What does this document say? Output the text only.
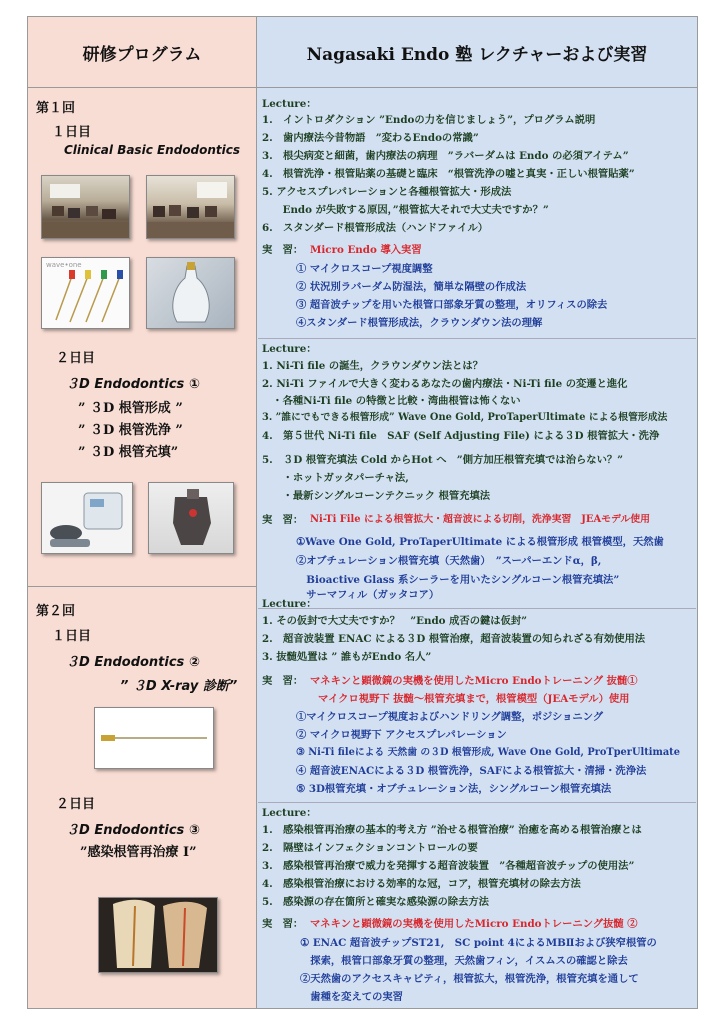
研修プログラム	Nagasaki Endo 塾 レクチャーおよび実習
第１回
１日目
Clinical Basic Endodontics
wave•one
２日目
３D Endodontics ①
” ３D 根管形成 ”
” ３D 根管洗浄 ”
” ３D 根管充填”
第２回
１日目
３D Endodontics ②
” ３D X-ray 診断”
２日目
３D Endodontics ③
”感染根管再治療 Ⅰ”
Lecture：
1.　イントロダクション ”Endoの力を信じましょう”，プログラム説明
2.　歯内療法今昔物語　”変わるEndoの常識”
3.　根尖病変と細菌，歯内療法の病理　”ラバーダムは Endo の必須アイテム”
4.　根管洗浄・根管貼薬の基礎と臨床　“根管洗浄の嘘と真実・正しい根管貼薬”
5. アクセスプレパレーションと各種根管拡大・形成法
　　Endo が失敗する原因，”根管拡大それで大丈夫ですか？”
6.　スタンダード根管形成法（ハンドファイル）
実　習： Micro Endo 導入実習
① マイクロスコープ視度調整
② 状況別ラバーダム防湿法，簡単な隔壁の作成法
③ 超音波チップを用いた根管口部象牙質の整理，オリフィスの除去
④スタンダード根管形成法，クラウンダウン法の理解
Lecture：
1. Ni-Ti file の誕生，クラウンダウン法とは？
2. Ni-Ti ファイルで大きく変わるあなたの歯内療法・Ni-Ti file の変遷と進化
　・各種Ni-Ti file の特徴と比較・湾曲根管は怖くない
3. ”誰にでもできる根管形成” Wave One Gold, ProTaperUltimate による根管形成法
4.　第５世代 Ni-Ti file　SAF (Self Adjusting File) による３D 根管拡大・洗浄
5.　３D 根管充填法 Cold からHot へ　”側方加圧根管充填では治らない？”
　　・ホットガッタパーチャ法,
　　・最新シングルコーンテクニック 根管充填法
実　習： Ni-Ti File による根管拡大・超音波による切削，洗浄実習　JEAモデル使用
①Wave One Gold, ProTaperUltimate による根管形成 根管模型，天然歯
②オブチュレーション根管充填（天然歯）　”スーパーエンドα，β,
　Bioactive Glass 系シーラーを用いたシングルコーン根管充填法”
　サーマフィル（ガッタコア）
Lecture：
1. その仮封で大丈夫ですか？　”Endo 成否の鍵は仮封”
2.　超音波装置 ENAC による３D 根管治療，超音波装置の知られざる有効使用法
3. 抜髄処置は ” 誰もがEndo 名人”
実　習： マネキンと顕微鏡の実機を使用したMicro Endoトレーニング 抜髄①
マイクロ視野下 抜髄～根管充填まで，根管模型（JEAモデル）使用
①マイクロスコープ視度およびハンドリング調整，ポジショニング
② マイクロ視野下 アクセスプレパレーション
③ Ni-Ti fileによる 天然歯 の３D 根管形成, Wave One Gold, ProTperUltimate
④ 超音波ENACによる３D 根管洗浄，SAFによる根管拡大・清掃・洗浄法
⑤ 3D根管充填・オブチュレーション法，シングルコーン根管充填法
Lecture：
1.　感染根管再治療の基本的考え方 ”治せる根管治療” 治癒を高める根管治療とは
2.　隔壁はインフェクションコントロールの要
3.　感染根管再治療で威力を発揮する超音波装置　”各種超音波チップの使用法”
4.　感染根管治療における効率的な冠，コア，根管充填材の除去方法
5.　感染源の存在箇所と確実な感染源の除去方法
実　習： マネキンと顕微鏡の実機を使用したMicro Endoトレーニング抜髄 ②
① ENAC 超音波チップST21,　SC point 4によるMBⅡおよび狭窄根管の
　探索，根管口部象牙質の整理，天然歯フィン，イスムスの確認と除去
②天然歯のアクセスキャビティ，根管拡大，根管洗浄，根管充填を通して
　歯種を変えての実習
